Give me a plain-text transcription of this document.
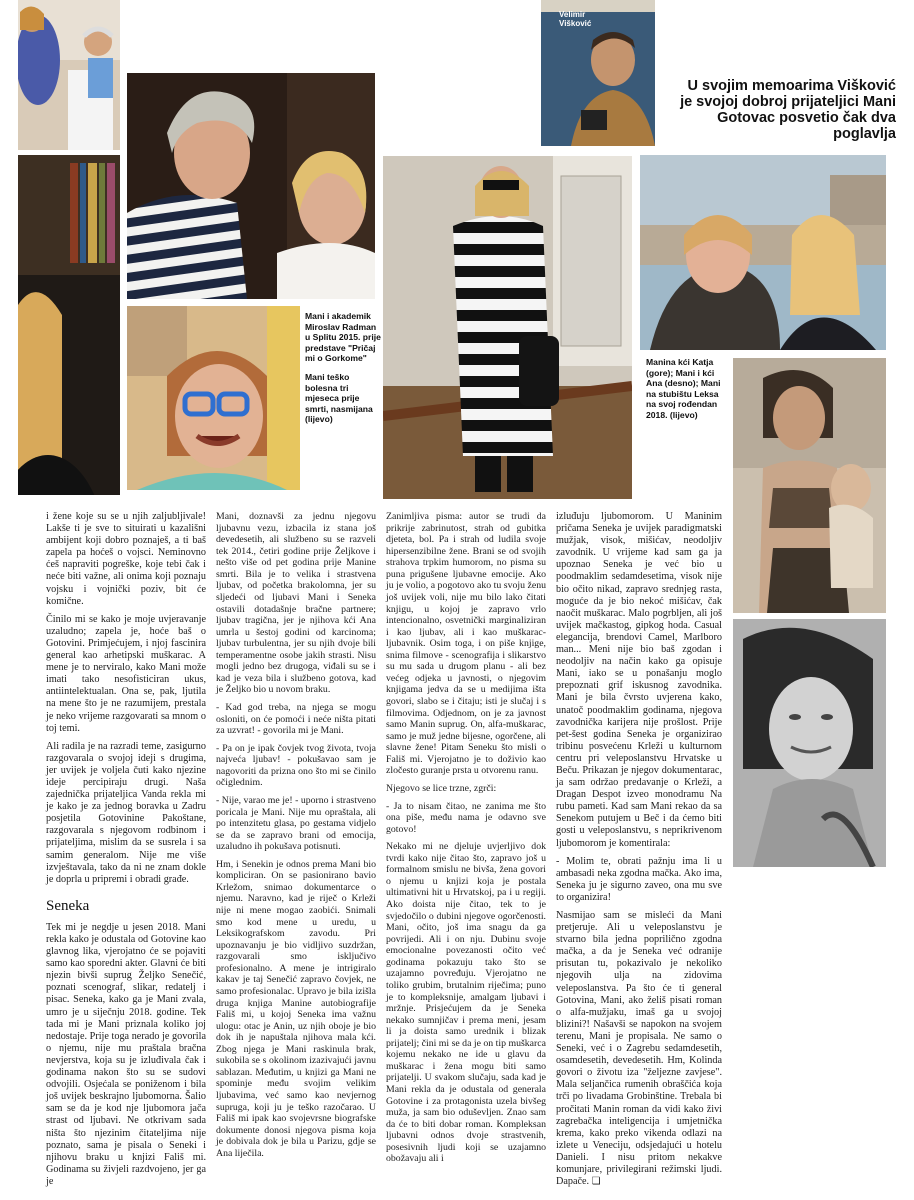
Velimir
Višković
U svojim memoarima Višković je svojoj dobroj prijateljici Mani Gotovac posvetio čak dva poglavlja

Mani i akademik Miroslav Radman u Splitu 2015. prije predstave "Pričaj mi o Gorkome"

Mani teško bolesna tri mjeseca prije smrti, nasmijana (lijevo)

Manina kći Katja (gore); Mani i kći Ana (desno); Mani na stubištu Leksa na svoj rođendan 2018. (lijevo)

i žene koje su se u njih zaljubljivale! Lakše ti je sve to situirati u kazališni ambijent koji dobro poznaješ, a ti baš zapela pa hoćeš o vojsci. Neminovno ćeš napraviti pogreške, koje tebi čak i neće biti važne, ali onima koji poznaju vojsku i vojnički poziv, bit će komične.

Činilo mi se kako je moje uvjeravanje uzaludno; zapela je, hoće baš o Gotovini. Primjećujem, i njoj fascinira general kao arhetipski muškarac. A mene je to nerviralo, kako Mani može imati tako nesofisticiran ukus, antiintelektualan. Ona se, pak, ljutila na mene što je ne razumijem, prestala je neko vrijeme razgovarati sa mnom o toj temi.

Ali radila je na razradi teme, zasigurno razgovarala o svojoj ideji s drugima, jer uvijek je voljela čuti kako njezine ideje percipiraju drugi. Naša zajednička prijateljica Vanda rekla mi je kako je za jednog boravka u Zadru posjetila Gotovinine Pakoštane, razgovarala s njegovom rodbinom i prijateljima, mislim da se susrela i sa samim generalom. Nije me više izvještavala, tako da ni ne znam dokle je doprla u pripremi i obradi građe.

Seneka

Tek mi je negdje u jesen 2018. Mani rekla kako je odustala od Gotovine kao glavnog lika, vjerojatno će se pojaviti samo kao sporedni akter. Glavni će biti njezin bivši suprug Željko Senečić, poznati scenograf, slikar, redatelj i pisac. Seneka, kako ga je Mani zvala, umro je u siječnju 2018. godine. Tek tada mi je Mani priznala koliko joj nedostaje. Prije toga nerado je govorila o njemu, nije mu praštala bračna nevjerstva, koja su je izluđivala čak i godinama nakon što su se sudovi odvojili. Osjećala se poniženom i bila još uvijek beskrajno ljubomorna. Šalio sam se da je kod nje ljubomora jača strast od ljubavi. Ne otkrivam sada ništa što njezinim čitateljima nije poznato, sama je pisala o Seneki i njihovu braku u knjizi Fališ mi. Godinama su živjeli razdvojeno, jer ga je

Mani, doznavši za jednu njegovu ljubavnu vezu, izbacila iz stana još devedesetih, ali službeno su se razveli tek 2014., četiri godine prije Željkove i nešto više od pet godina prije Manine smrti. Bila je to velika i strastvena ljubav, od početka brakolomna, jer su sljedeći od ljubavi Mani i Seneka ostavili dotadašnje bračne partnere; ljubav tragična, jer je njihova kći Ana umrla u šestoj godini od karcinoma; ljubav turbulentna, jer su njih dvoje bili temperamentne osobe jakih strasti. Nisu mogli jedno bez drugoga, viđali su se i kad je veza bila i službeno gotova, kad je Željko bio u novom braku.

- Kad god treba, na njega se mogu osloniti, on će pomoći i neće ništa pitati za uzvrat! - govorila mi je Mani.

- Pa on je ipak čovjek tvog života, tvoja najveća ljubav! - pokušavao sam je nagovoriti da prizna ono što mi se činilo očiglednim.

- Nije, varao me je! - uporno i strastveno poricala je Mani. Nije mu opraštala, ali po intenzitetu glasa, po gestama vidjelo se da se zapravo brani od emocija, uzaludno ih pokušava potisnuti.

Hm, i Senekin je odnos prema Mani bio kompliciran. On se pasionirano bavio Krležom, snimao dokumentarce o njemu. Naravno, kad je riječ o Krleži nije ni mene mogao zaobići. Snimali smo kod mene u uredu, u Leksikografskom zavodu. Pri upoznavanju je bio vidljivo suzdržan, razgovarali smo isključivo profesionalno. A mene je intrigiralo kakav je taj Senečić zapravo čovjek, ne samo profesionalac. Upravo je bila izišla druga knjiga Manine autobiografije Fališ mi, u kojoj Seneka ima važnu ulogu: otac je Anin, uz njih oboje je bio dok ih je napuštala njihova mala kći. Zbog njega je Mani raskinula brak, sukobila se s okolinom izazivajući javnu sablazan. Međutim, u knjizi ga Mani ne spominje među svojim velikim ljubavima, već samo kao nevjernog supruga, koji ju je teško razočarao. U Fališ mi ipak kao svojevrsne biografske dokumente donosi njegova pisma koja je dobivala dok je bila u Parizu, gdje se Ana liječila.

Zanimljiva pisma: autor se trudi da prikrije zabrinutost, strah od gubitka djeteta, bol. Pa i strah od ludila svoje hipersenzibilne žene. Brani se od svojih strahova trpkim humorom, no pisma su puna prigušene ljubavne emocije. Ako ju je volio, a pogotovo ako tu svoju ženu još uvijek voli, nije mu bilo lako čitati knjigu, u kojoj je zapravo vrlo intencionalno, osvetnički marginaliziran i kao ljubav, ali i kao muškarac-ljubavnik. Osim toga, i on piše knjige, snima filmove - scenografija i slikarstvo su mu sada u drugom planu - ali bez većeg odjeka u javnosti, o njegovim knjigama jedva da se u medijima išta govori, slabo se i čitaju; isti je slučaj i s filmovima. Odjednom, on je za javnost samo Manin suprug. On, alfa-muškarac, samo je muž jedne bijesne, ogorčene, ali slavne žene! Pitam Seneku što misli o Fališ mi. Vjerojatno je to doživio kao zločesto guranje prsta u otvorenu ranu.

Njegovo se lice trzne, zgrči:

- Ja to nisam čitao, ne zanima me što ona piše, među nama je odavno sve gotovo!

Nekako mi ne djeluje uvjerljivo dok tvrdi kako nije čitao što, zapravo još u formalnom smislu ne bivša, žena govori o njemu u knjizi koja je postala ultimativni hit u Hrvatskoj, pa i u regiji. Ako doista nije čitao, tek to je svjedočilo o dubini njegove ogorčenosti. Mani, očito, još ima snagu da ga povrijedi. Ali i on nju. Dubinu svoje emocionalne povezanosti očito već godinama pokazuju tako što se uzajamno povređuju. Vjerojatno ne toliko grubim, brutalnim riječima; puno je to kompleksnije, amalgam ljubavi i mržnje. Prisjećujem da je Seneka nekako sumnjičav i prema meni, jesam li ja doista samo urednik i blizak prijatelj; čini mi se da je on tip muškarca kojemu nekako ne ide u glavu da muškarac i žena mogu biti samo prijatelji. U svakom slučaju, sada kad je Mani rekla da je odustala od generala Gotovine i za protagonista uzela bivšeg muža, ja sam bio oduševljen. Znao sam da će to biti dobar roman. Kompleksan ljubavni odnos dvoje strastvenih, posesivnih ljudi koji se uzajamno obožavaju ali i

izluđuju ljubomorom. U Maninim pričama Seneka je uvijek paradigmatski mužjak, visok, mišićav, neodoljiv zavodnik. U vrijeme kad sam ga ja upoznao Seneka je već bio u poodmaklim sedamdesetima, visok nije bio očito nikad, zapravo srednjeg rasta, moguće da je bio nekoć mišićav, čak naočit muškarac. Malo pogrbljen, ali još uvijek mačkastog, gipkog hoda. Casual elegancija, brendovi Camel, Marlboro man... Meni nije bio baš zgodan i neodoljiv na način kako ga opisuje Mani, iako se u ponašanju moglo prepoznati grif iskusnog zavodnika. Mani je bila čvrsto uvjerena kako, unatoč poodmaklim godinama, njegova zavodnička karijera nije prošlost. Prije pet-šest godina Seneka je organizirao tribinu posvećenu Krleži u kulturnom centru pri veleposlanstvu Hrvatske u Beču. Prikazan je njegov dokumentarac, ja sam održao predavanje o Krleži, a Dragan Despot izveo monodramu Na rubu pameti. Kad sam Mani rekao da sa Senekom putujem u Beč i da ćemo biti gosti u veleposlanstvu, s neprikrivenom ljubomorom je komentirala:

- Molim te, obrati pažnju ima li u ambasadi neka zgodna mačka. Ako ima, Seneka ju je sigurno zaveo, ona mu sve to organizira!

Nasmijao sam se mislеći da Mani pretjeruje. Ali u veleposlanstvu je stvarno bila jedna popriličnо zgodna mačka, a da je Seneka već odranije prisutan tu, pokazivalo je nekoliko njegovih ulja na zidovima veleposlanstva. Pa što će ti general Gotovina, Mani, ako želiš pisati roman o alfa-mužjaku, imaš ga u svojoj blizini?! Našavši se napokon na svojem terenu, Mani je propisala. Ne samo o Seneki, već i o Zagrebu sedamdesetih, osamdesetih, devedesetih. Hm, Kolinda govori o životu iza "željezne zavjese". Mala seljančica rumenih obraščića koja trči po livadama Grobinštine. Trebala bi pročitati Manin roman da vidi kako živi zagrebačka inteligencija i umjetnička krema, kako preko vikenda odlazi na izlete u Veneciju, odsjedajući u hotelu Danieli. I nisu pritom nekakve komunjare, privilegirani režimski ljudi. Dapače. ❏
